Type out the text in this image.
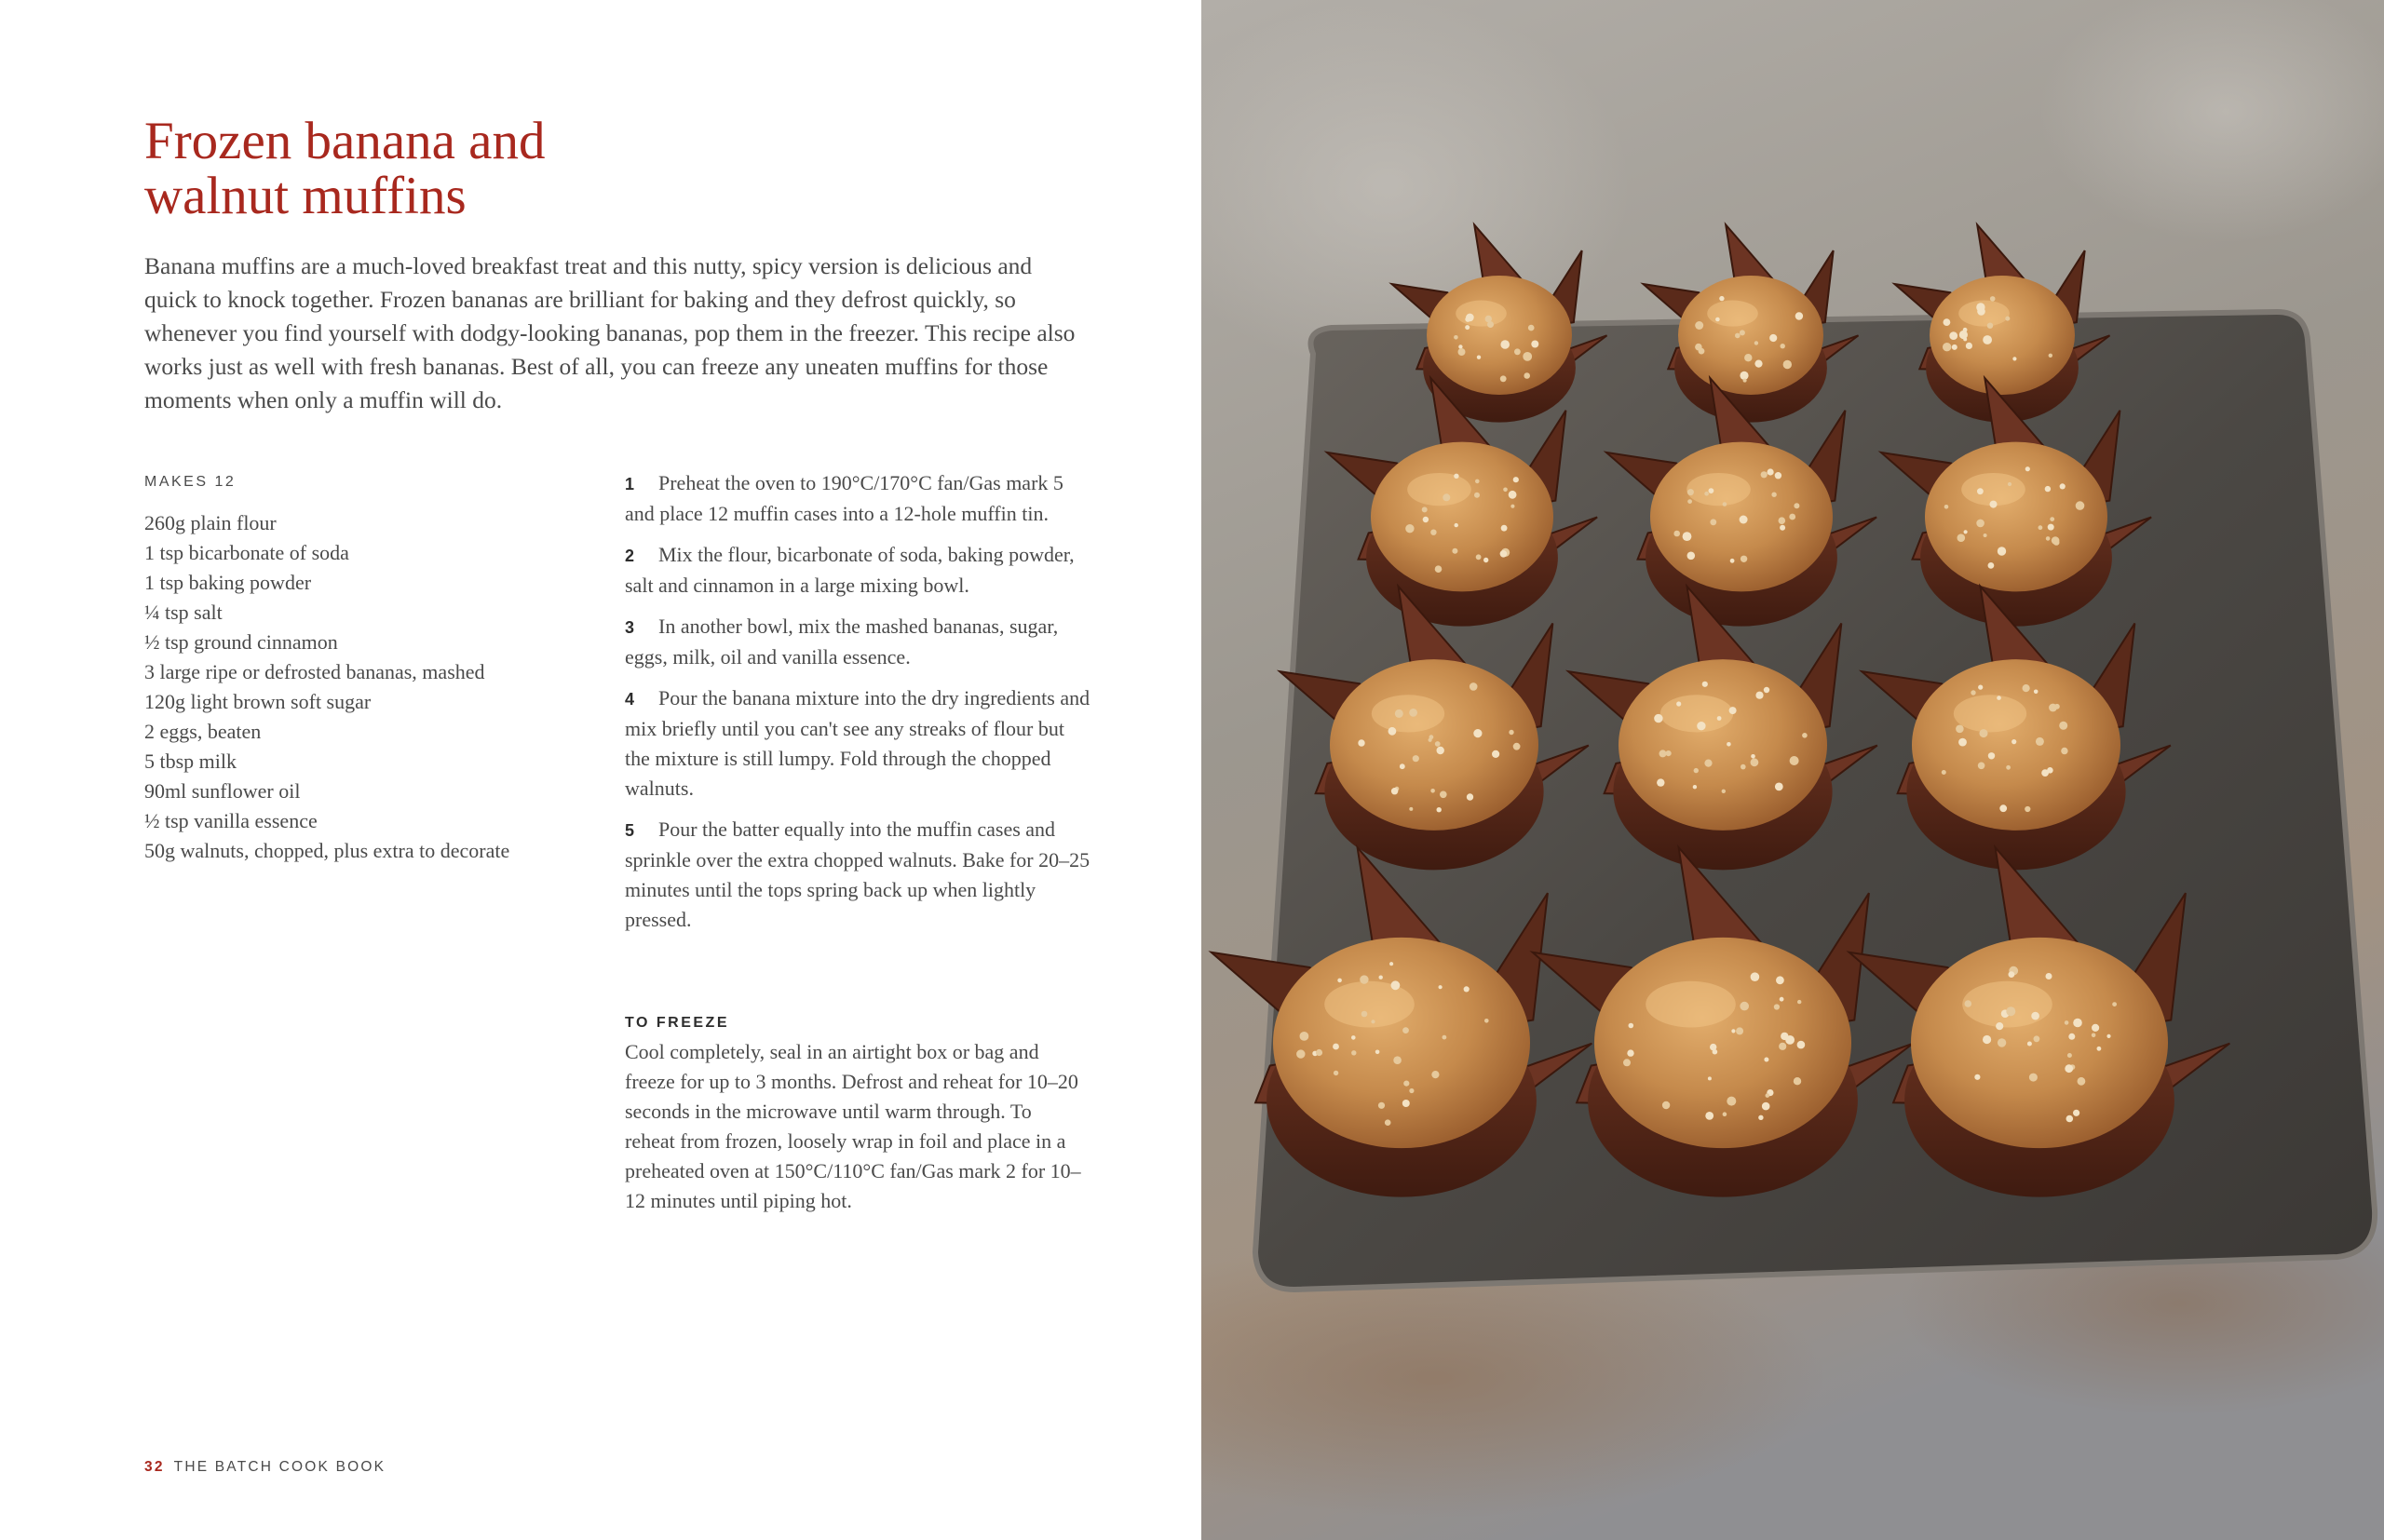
Frozen banana and
walnut muffins

Banana muffins are a much-loved breakfast treat and this nutty, spicy version is delicious and quick to knock together. Frozen bananas are brilliant for baking and they defrost quickly, so whenever you find yourself with dodgy-looking bananas, pop them in the freezer. This recipe also works just as well with fresh bananas. Best of all, you can freeze any uneaten muffins for those moments when only a muffin will do.

MAKES 12
260g plain flour
1 tsp bicarbonate of soda
1 tsp baking powder
¼ tsp salt
½ tsp ground cinnamon
3 large ripe or defrosted bananas, mashed
120g light brown soft sugar
2 eggs, beaten
5 tbsp milk
90ml sunflower oil
½ tsp vanilla essence
50g walnuts, chopped, plus extra to decorate
1 Preheat the oven to 190°C/170°C fan/Gas mark 5 and place 12 muffin cases into a 12-hole muffin tin.
2 Mix the flour, bicarbonate of soda, baking powder, salt and cinnamon in a large mixing bowl.
3 In another bowl, mix the mashed bananas, sugar, eggs, milk, oil and vanilla essence.
4 Pour the banana mixture into the dry ingredients and mix briefly until you can't see any streaks of flour but the mixture is still lumpy. Fold through the chopped walnuts.
5 Pour the batter equally into the muffin cases and sprinkle over the extra chopped walnuts. Bake for 20–25 minutes until the tops spring back up when lightly pressed.
TO FREEZE

Cool completely, seal in an airtight box or bag and freeze for up to 3 months. Defrost and reheat for 10–20 seconds in the microwave until warm through. To reheat from frozen, loosely wrap in foil and place in a preheated oven at 150°C/110°C fan/Gas mark 2 for 10–12 minutes until piping hot.

32 THE BATCH COOK BOOK
